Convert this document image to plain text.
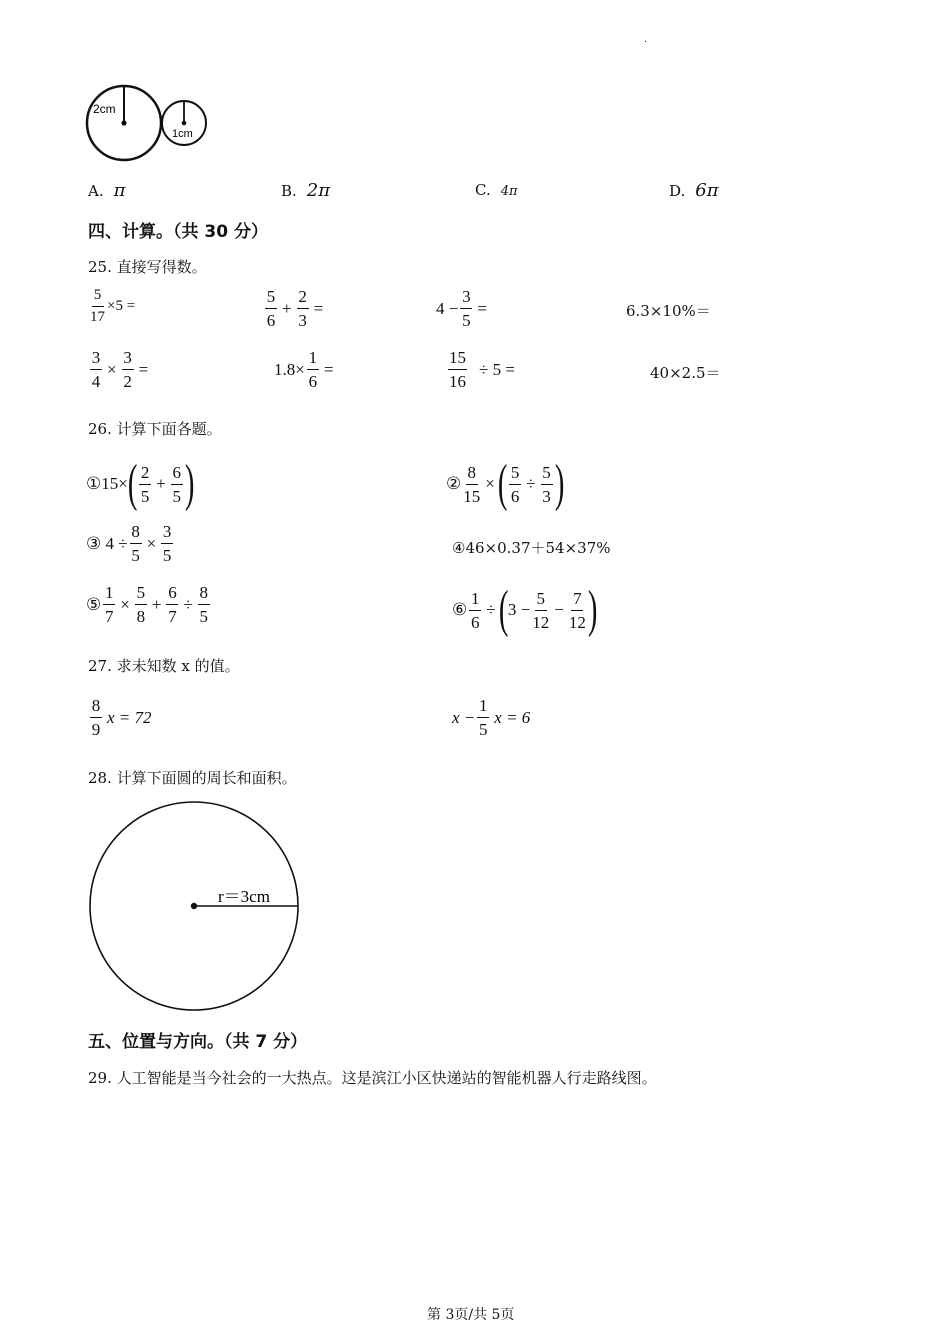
.
2cm
1cm
A. π	B. 2π	C. 4π	D. 6π
四、计算。（共 30 分）
25. 直接写得数。
$\frac{5}{17} \times 5$ =	$\frac{5}{6} + \frac{2}{3}$ =	$4 - \frac{3}{5}$ =	6.3×10%＝
$\frac{3}{4} \times \frac{3}{2}$ =	$1.8\times \frac{1}{6}$ =	$\frac{15}{16} \div 5$ =	40×2.5＝
26. 计算下面各题。
①15× ( $\frac{2}{5} + \frac{6}{5}$ )	② $\frac{8}{15}$ × ( $\frac{5}{6} \div \frac{5}{3}$ )
③ $4 \div \frac{8}{5} \times \frac{3}{5}$	④46×0.37＋54×37%
⑤ $\frac{1}{7} \times \frac{5}{8} + \frac{6}{7} \div \frac{8}{5}$	⑥ $\frac{1}{6}$ ÷ ( $3 - \frac{5}{12} - \frac{7}{12}$ )
27. 求未知数 x 的值。
$\frac{8}{9}$ x = 72	$x - \frac{1}{5}$ x = 6
28. 计算下面圆的周长和面积。
r＝3cm
五、位置与方向。（共 7 分）
29. 人工智能是当今社会的一大热点。这是滨江小区快递站的智能机器人行走路线图。
第 3页/共 5页
